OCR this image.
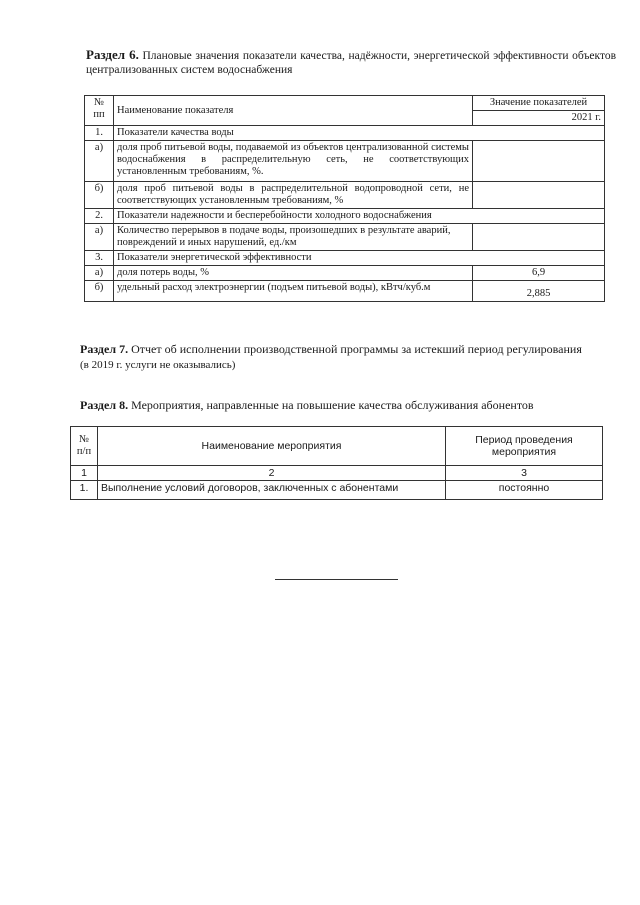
Раздел 6. Плановые значения показатели качества, надёжности, энергетической эффективности объектов централизованных систем водоснабжения
№ пп	Наименование показателя	Значение показателей
		2021 г.
1.	Показатели качества воды	
а)	доля проб питьевой воды, подаваемой из объектов централизованной системы водоснабжения в распределительную сеть, не соответствующих установленным требованиям, %.	
б)	доля проб питьевой воды в распределительной водопроводной сети, не соответствующих установленным требованиям, %	
2.	Показатели надежности и бесперебойности холодного водоснабжения	
а)	Количество перерывов в подаче воды, произошедших в результате аварий, повреждений и иных нарушений, ед./км	
3.	Показатели энергетической эффективности	
а)	доля потерь воды, %	6,9
б)	удельный расход электроэнергии (подъем питьевой воды), кВтч/куб.м	2,885
Раздел 7. Отчет об исполнении производственной программы за истекший период регулирования
(в 2019 г. услуги не оказывались)
Раздел 8. Мероприятия, направленные на повышение качества обслуживания абонентов
№ п/п	Наименование мероприятия	Период проведения мероприятия
1	2	3
1.	Выполнение условий договоров, заключенных с абонентами	постоянно
